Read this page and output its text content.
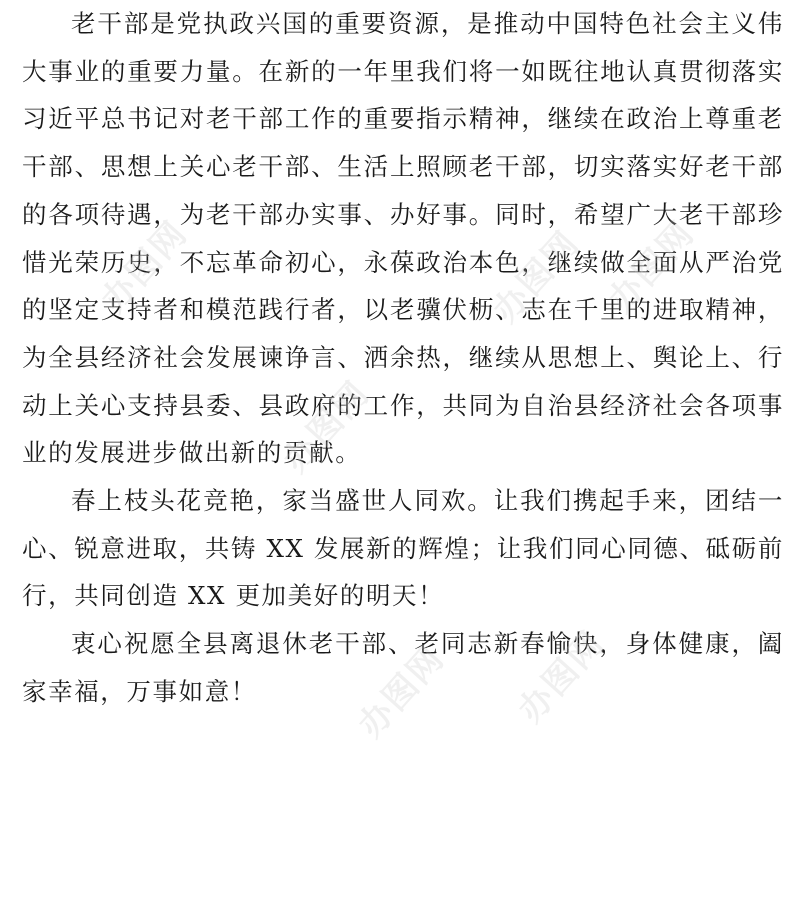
老干部是党执政兴国的重要资源，是推动中国特色社会主义伟大事业的重要力量。在新的一年里我们将一如既往地认真贯彻落实习近平总书记对老干部工作的重要指示精神，继续在政治上尊重老干部、思想上关心老干部、生活上照顾老干部，切实落实好老干部的各项待遇，为老干部办实事、办好事。同时，希望广大老干部珍惜光荣历史，不忘革命初心，永葆政治本色，继续做全面从严治党的坚定支持者和模范践行者，以老骥伏枥、志在千里的进取精神，为全县经济社会发展谏诤言、洒余热，继续从思想上、舆论上、行动上关心支持县委、县政府的工作，共同为自治县经济社会各项事业的发展进步做出新的贡献。

春上枝头花竞艳，家当盛世人同欢。让我们携起手来，团结一心、锐意进取，共铸 XX 发展新的辉煌；让我们同心同德、砥砺前行，共同创造 XX 更加美好的明天！

衷心祝愿全县离退休老干部、老同志新春愉快，身体健康，阖家幸福，万事如意！

办图网
办图网
办图网 办图网
办图网 办图网
